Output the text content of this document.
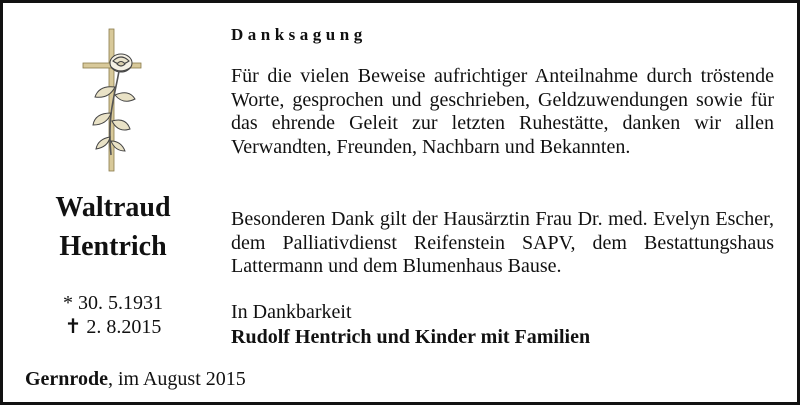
Waltraud
Hentrich
* 30. 5.1931
✝ 2. 8.2015
Danksagung
Für die vielen Beweise aufrichtiger Anteilnahme durch tröstende Worte, gesprochen und geschrieben, Geldzuwendungen sowie für das ehrende Geleit zur letzten Ruhestätte, danken wir allen Verwandten, Freunden, Nachbarn und Bekannten.
Besonderen Dank gilt der Hausärztin Frau Dr. med. Evelyn Escher, dem Palliativdienst Reifenstein SAPV, dem Bestattungshaus Lattermann und dem Blumenhaus Bause.
In Dankbarkeit
Rudolf Hentrich und Kinder mit Familien
Gernrode, im August 2015
